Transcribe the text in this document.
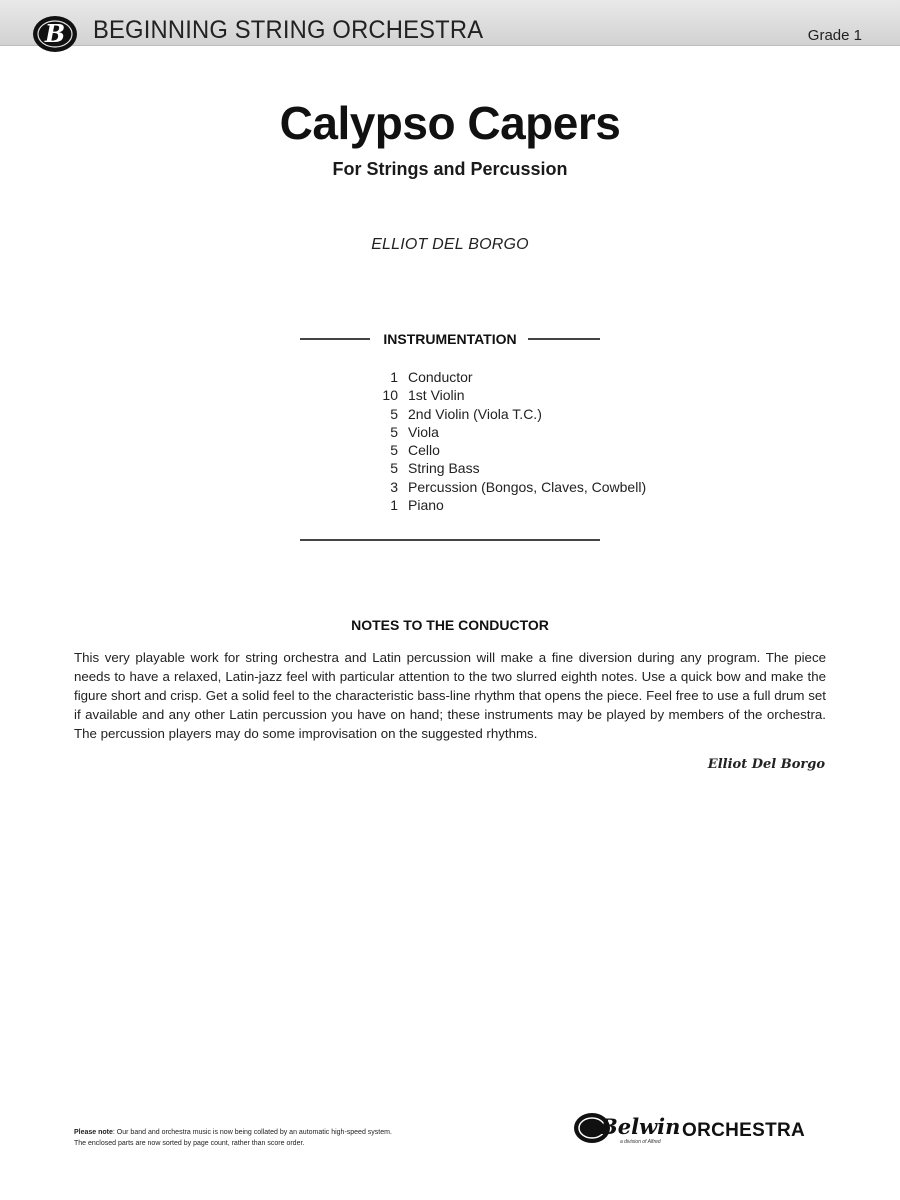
B BEGINNING STRING ORCHESTRA	Grade 1
Calypso Capers
For Strings and Percussion
ELLIOT DEL BORGO
INSTRUMENTATION
1 Conductor
10 1st Violin
5 2nd Violin (Viola T.C.)
5 Viola
5 Cello
5 String Bass
3 Percussion (Bongos, Claves, Cowbell)
1 Piano
NOTES TO THE CONDUCTOR
This very playable work for string orchestra and Latin percussion will make a fine diversion during any program. The piece needs to have a relaxed, Latin-jazz feel with particular attention to the two slurred eighth notes. Use a quick bow and make the figure short and crisp. Get a solid feel to the characteristic bass-line rhythm that opens the piece. Feel free to use a full drum set if available and any other Latin percussion you have on hand; these instruments may be played by members of the orchestra. The percussion players may do some improvisation on the suggested rhythms.
Elliot Del Borgo
Please note: Our band and orchestra music is now being collated by an automatic high-speed system.
The enclosed parts are now sorted by page count, rather than score order.
Belwin ORCHESTRA
a division of Alfred
